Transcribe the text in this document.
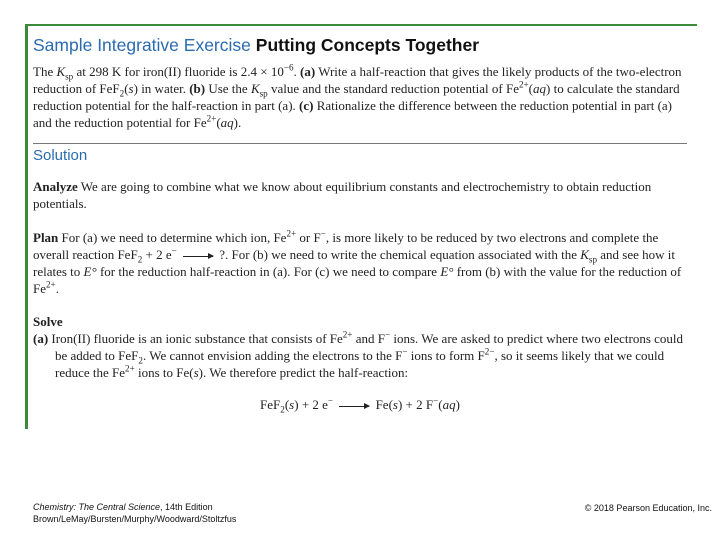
Sample Integrative Exercise Putting Concepts Together

The $K_{sp}$ at 298 K for iron(II) fluoride is $2.4 \times 10^{-6}$. (a) Write a half-reaction that gives the likely products of the two-electron reduction of FeF$_2$(s) in water. (b) Use the $K_{sp}$ value and the standard reduction potential of $Fe^{2+}(aq)$ to calculate the standard reduction potential for the half-reaction in part (a). (c) Rationalize the difference between the reduction potential in part (a) and the reduction potential for $Fe^{2+}(aq)$.

Solution

Analyze We are going to combine what we know about equilibrium constants and electrochemistry to obtain reduction potentials.

Plan For (a) we need to determine which ion, $Fe^{2+}$ or F−, is more likely to be reduced by two electrons and complete the overall reaction FeF$_2$ + 2 e− → ?. For (b) we need to write the chemical equation associated with the $K_{sp}$ and see how it relates to E° for the reduction half-reaction in (a). For (c) we need to compare E° from (b) with the value for the reduction of $Fe^{2+}$.

Solve
(a) Iron(II) fluoride is an ionic substance that consists of $Fe^{2+}$ and F− ions. We are asked to predict where two electrons could be added to FeF$_2$. We cannot envision adding the electrons to the F− ions to form $F^{2-}$, so it seems likely that we could reduce the $Fe^{2+}$ ions to Fe(s). We therefore predict the half-reaction:
FeF$_2$(s) + 2 e− → Fe(s) + 2 F−(aq)
Chemistry: The Central Science, 14th Edition
Brown/LeMay/Bursten/Murphy/Woodward/Stoltzfus
© 2018 Pearson Education, Inc.
